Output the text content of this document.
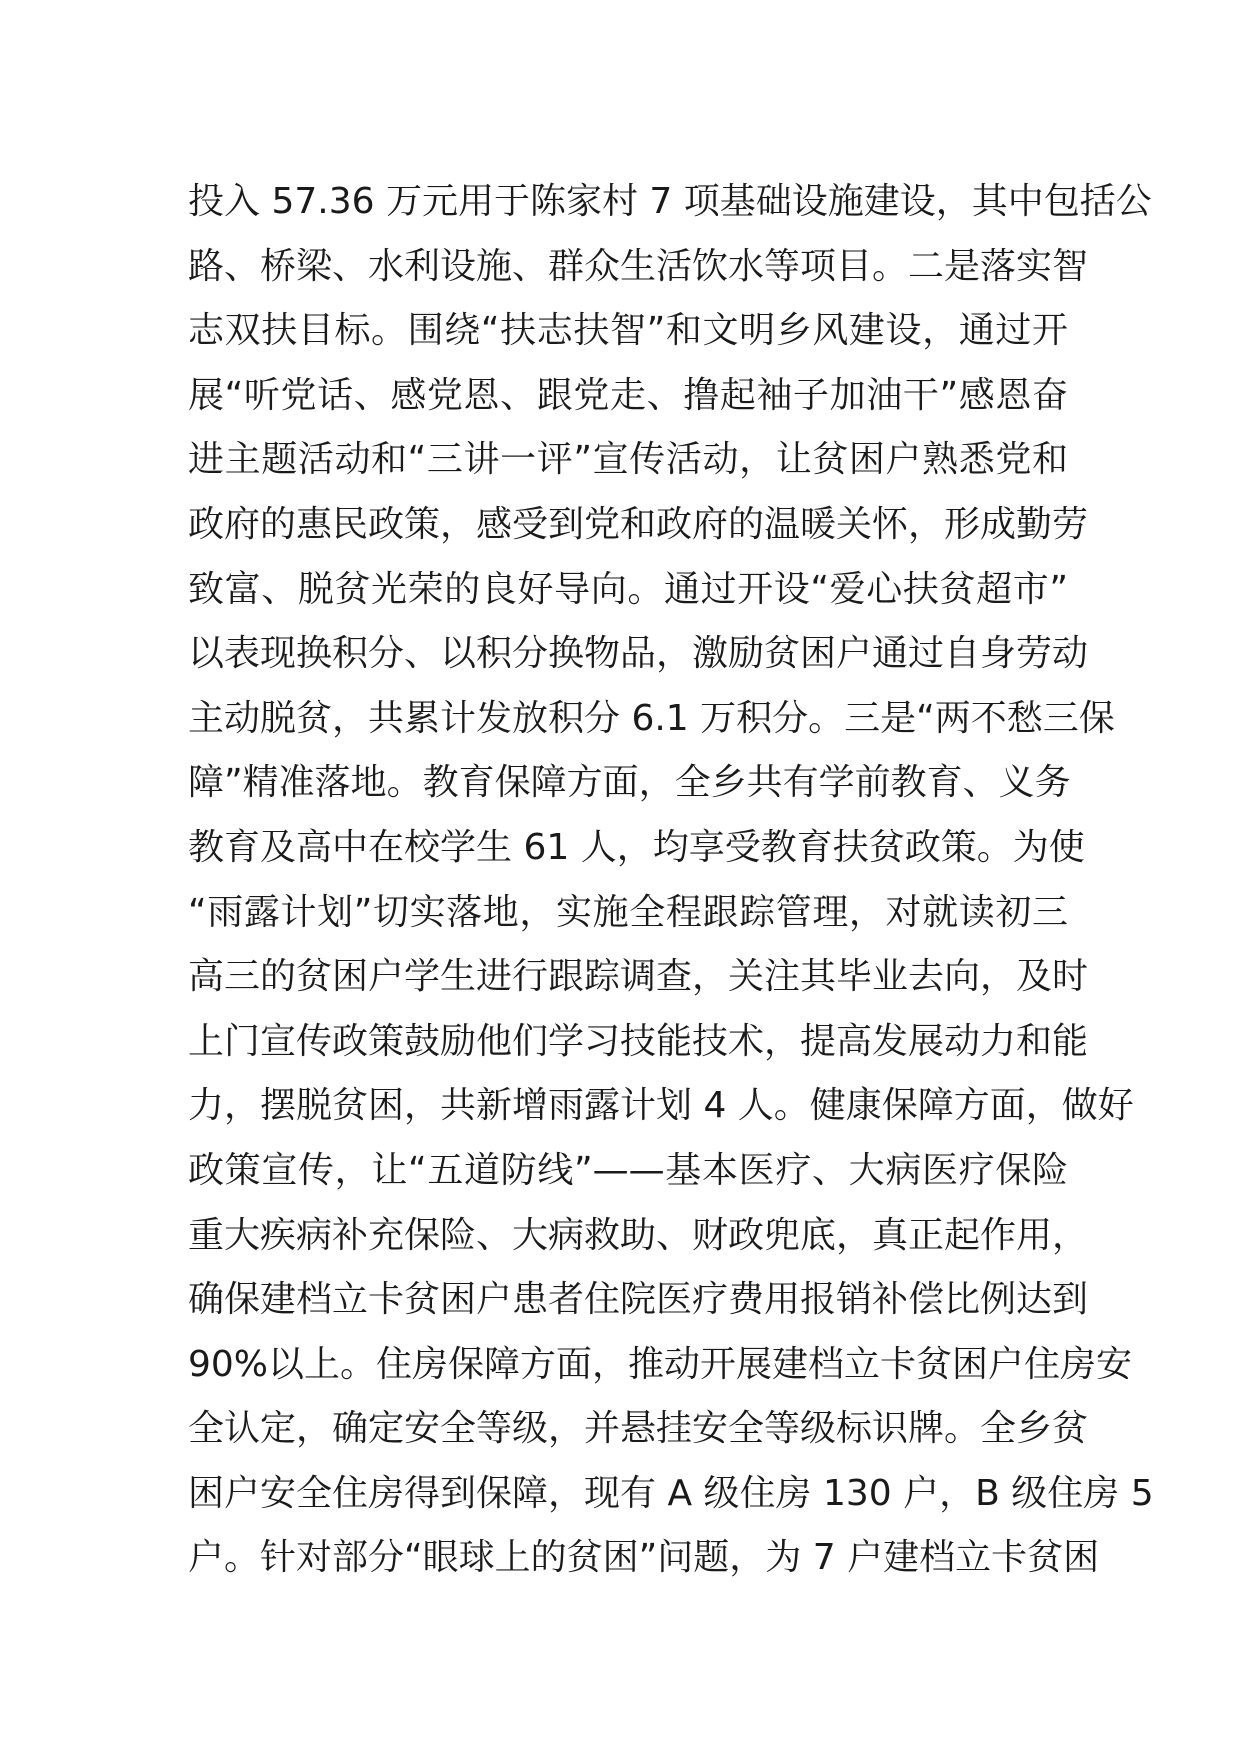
投入 57.36 万元用于陈家村 7 项基础设施建设，其中包括公
路、桥梁、水利设施、群众生活饮水等项目。二是落实智
志双扶目标。围绕“扶志扶智”和文明乡风建设，通过开
展“听党话、感党恩、跟党走、撸起袖子加油干”感恩奋
进主题活动和“三讲一评”宣传活动，让贫困户熟悉党和
政府的惠民政策，感受到党和政府的温暖关怀，形成勤劳
致富、脱贫光荣的良好导向。通过开设“爱心扶贫超市”
以表现换积分、以积分换物品，激励贫困户通过自身劳动
主动脱贫，共累计发放积分 6.1 万积分。三是“两不愁三保
障”精准落地。教育保障方面，全乡共有学前教育、义务
教育及高中在校学生 61 人，均享受教育扶贫政策。为使
“雨露计划”切实落地，实施全程跟踪管理，对就读初三
高三的贫困户学生进行跟踪调查，关注其毕业去向，及时
上门宣传政策鼓励他们学习技能技术，提高发展动力和能
力，摆脱贫困，共新增雨露计划 4 人。健康保障方面，做好
政策宣传，让“五道防线”——基本医疗、大病医疗保险
重大疾病补充保险、大病救助、财政兜底，真正起作用，
确保建档立卡贫困户患者住院医疗费用报销补偿比例达到
90%以上。住房保障方面，推动开展建档立卡贫困户住房安
全认定，确定安全等级，并悬挂安全等级标识牌。全乡贫
困户安全住房得到保障，现有 A 级住房 130 户，B 级住房 5
户。针对部分“眼球上的贫困”问题，为 7 户建档立卡贫困
